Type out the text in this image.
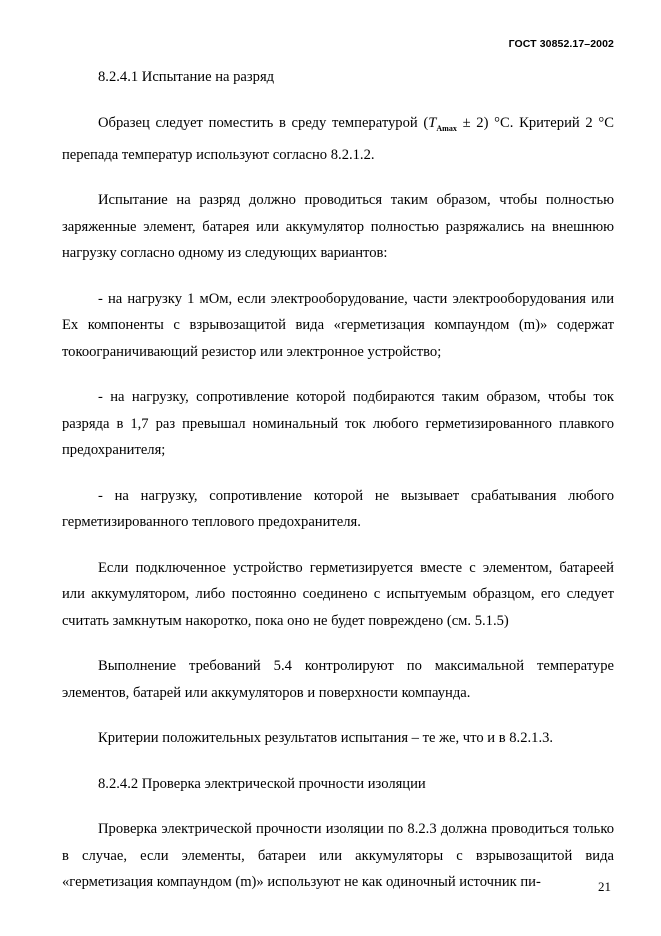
ГОСТ 30852.17–2002

8.2.4.1 Испытание на разряд

Образец следует поместить в среду температурой $(T_{Amax} \pm 2)$ °С. Критерий 2 °С перепада температур используют согласно 8.2.1.2.

Испытание на разряд должно проводиться таким образом, чтобы полностью заряженные элемент, батарея или аккумулятор полностью разряжались на внешнюю нагрузку согласно одному из следующих вариантов:

- на нагрузку 1 мОм, если электрооборудование, части электрооборудования или Ex компоненты с взрывозащитой вида «герметизация компаундом (m)» содержат токоограничивающий резистор или электронное устройство;

- на нагрузку, сопротивление которой подбираются таким образом, чтобы ток разряда в 1,7 раз превышал номинальный ток любого герметизированного плавкого предохранителя;

- на нагрузку, сопротивление которой не вызывает срабатывания любого герметизированного теплового предохранителя.

Если подключенное устройство герметизируется вместе с элементом, батареей или аккумулятором, либо постоянно соединено с испытуемым образцом, его следует считать замкнутым накоротко, пока оно не будет повреждено (см. 5.1.5)

Выполнение требований 5.4 контролируют по максимальной температуре элементов, батарей или аккумуляторов и поверхности компаунда.

Критерии положительных результатов испытания – те же, что и в 8.2.1.3.

8.2.4.2 Проверка электрической прочности изоляции

Проверка электрической прочности изоляции по 8.2.3 должна проводиться только в случае, если элементы, батареи или аккумуляторы с взрывозащитой вида «герметизация компаундом (m)» используют не как одиночный источник пи-	21
